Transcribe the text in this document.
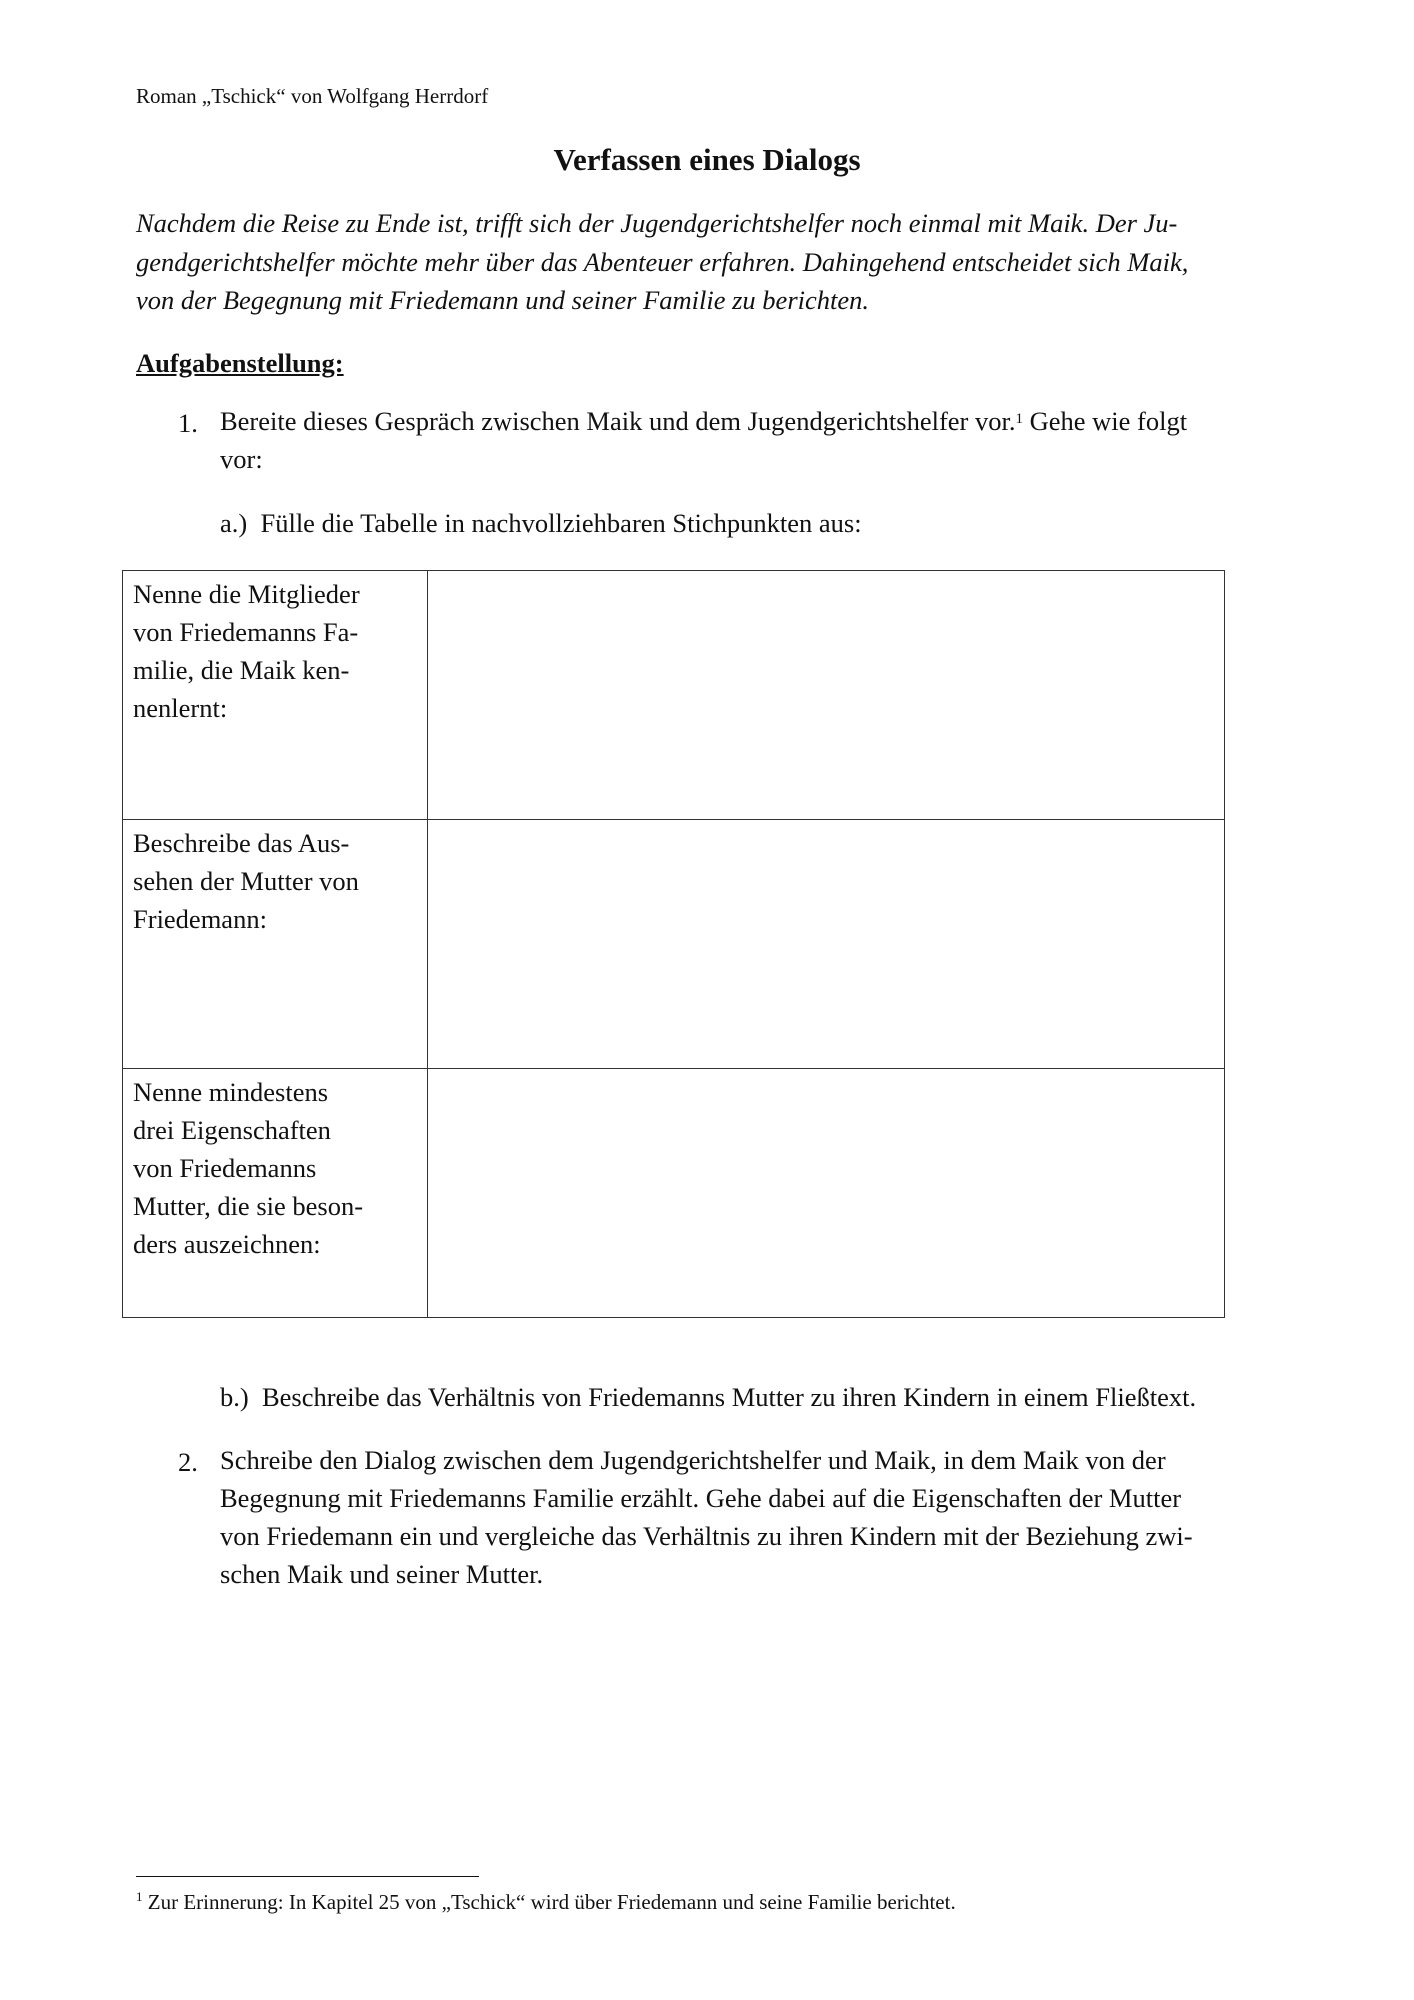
Roman „Tschick“ von Wolfgang Herrdorf
Verfassen eines Dialogs
Nachdem die Reise zu Ende ist, trifft sich der Jugendgerichtshelfer noch einmal mit Maik. Der Ju-
gendgerichtshelfer möchte mehr über das Abenteuer erfahren. Dahingehend entscheidet sich Maik,
von der Begegnung mit Friedemann und seiner Familie zu berichten.
Aufgabenstellung:
1. Bereite dieses Gespräch zwischen Maik und dem Jugendgerichtshelfer vor.$^1$ Gehe wie folgt
vor:
a.) Fülle die Tabelle in nachvollziehbaren Stichpunkten aus:
Nenne die Mitglieder
von Friedemanns Fa-
milie, die Maik ken-
nenlernt:	

Beschreibe das Aus-
sehen der Mutter von
Friedemann:	

Nenne mindestens
drei Eigenschaften
von Friedemanns
Mutter, die sie beson-
ders auszeichnen:	

b.) Beschreibe das Verhältnis von Friedemanns Mutter zu ihren Kindern in einem Fließtext.
2. Schreibe den Dialog zwischen dem Jugendgerichtshelfer und Maik, in dem Maik von der
Begegnung mit Friedemanns Familie erzählt. Gehe dabei auf die Eigenschaften der Mutter
von Friedemann ein und vergleiche das Verhältnis zu ihren Kindern mit der Beziehung zwi-
schen Maik und seiner Mutter.
$^1$ Zur Erinnerung: In Kapitel 25 von „Tschick“ wird über Friedemann und seine Familie berichtet.
